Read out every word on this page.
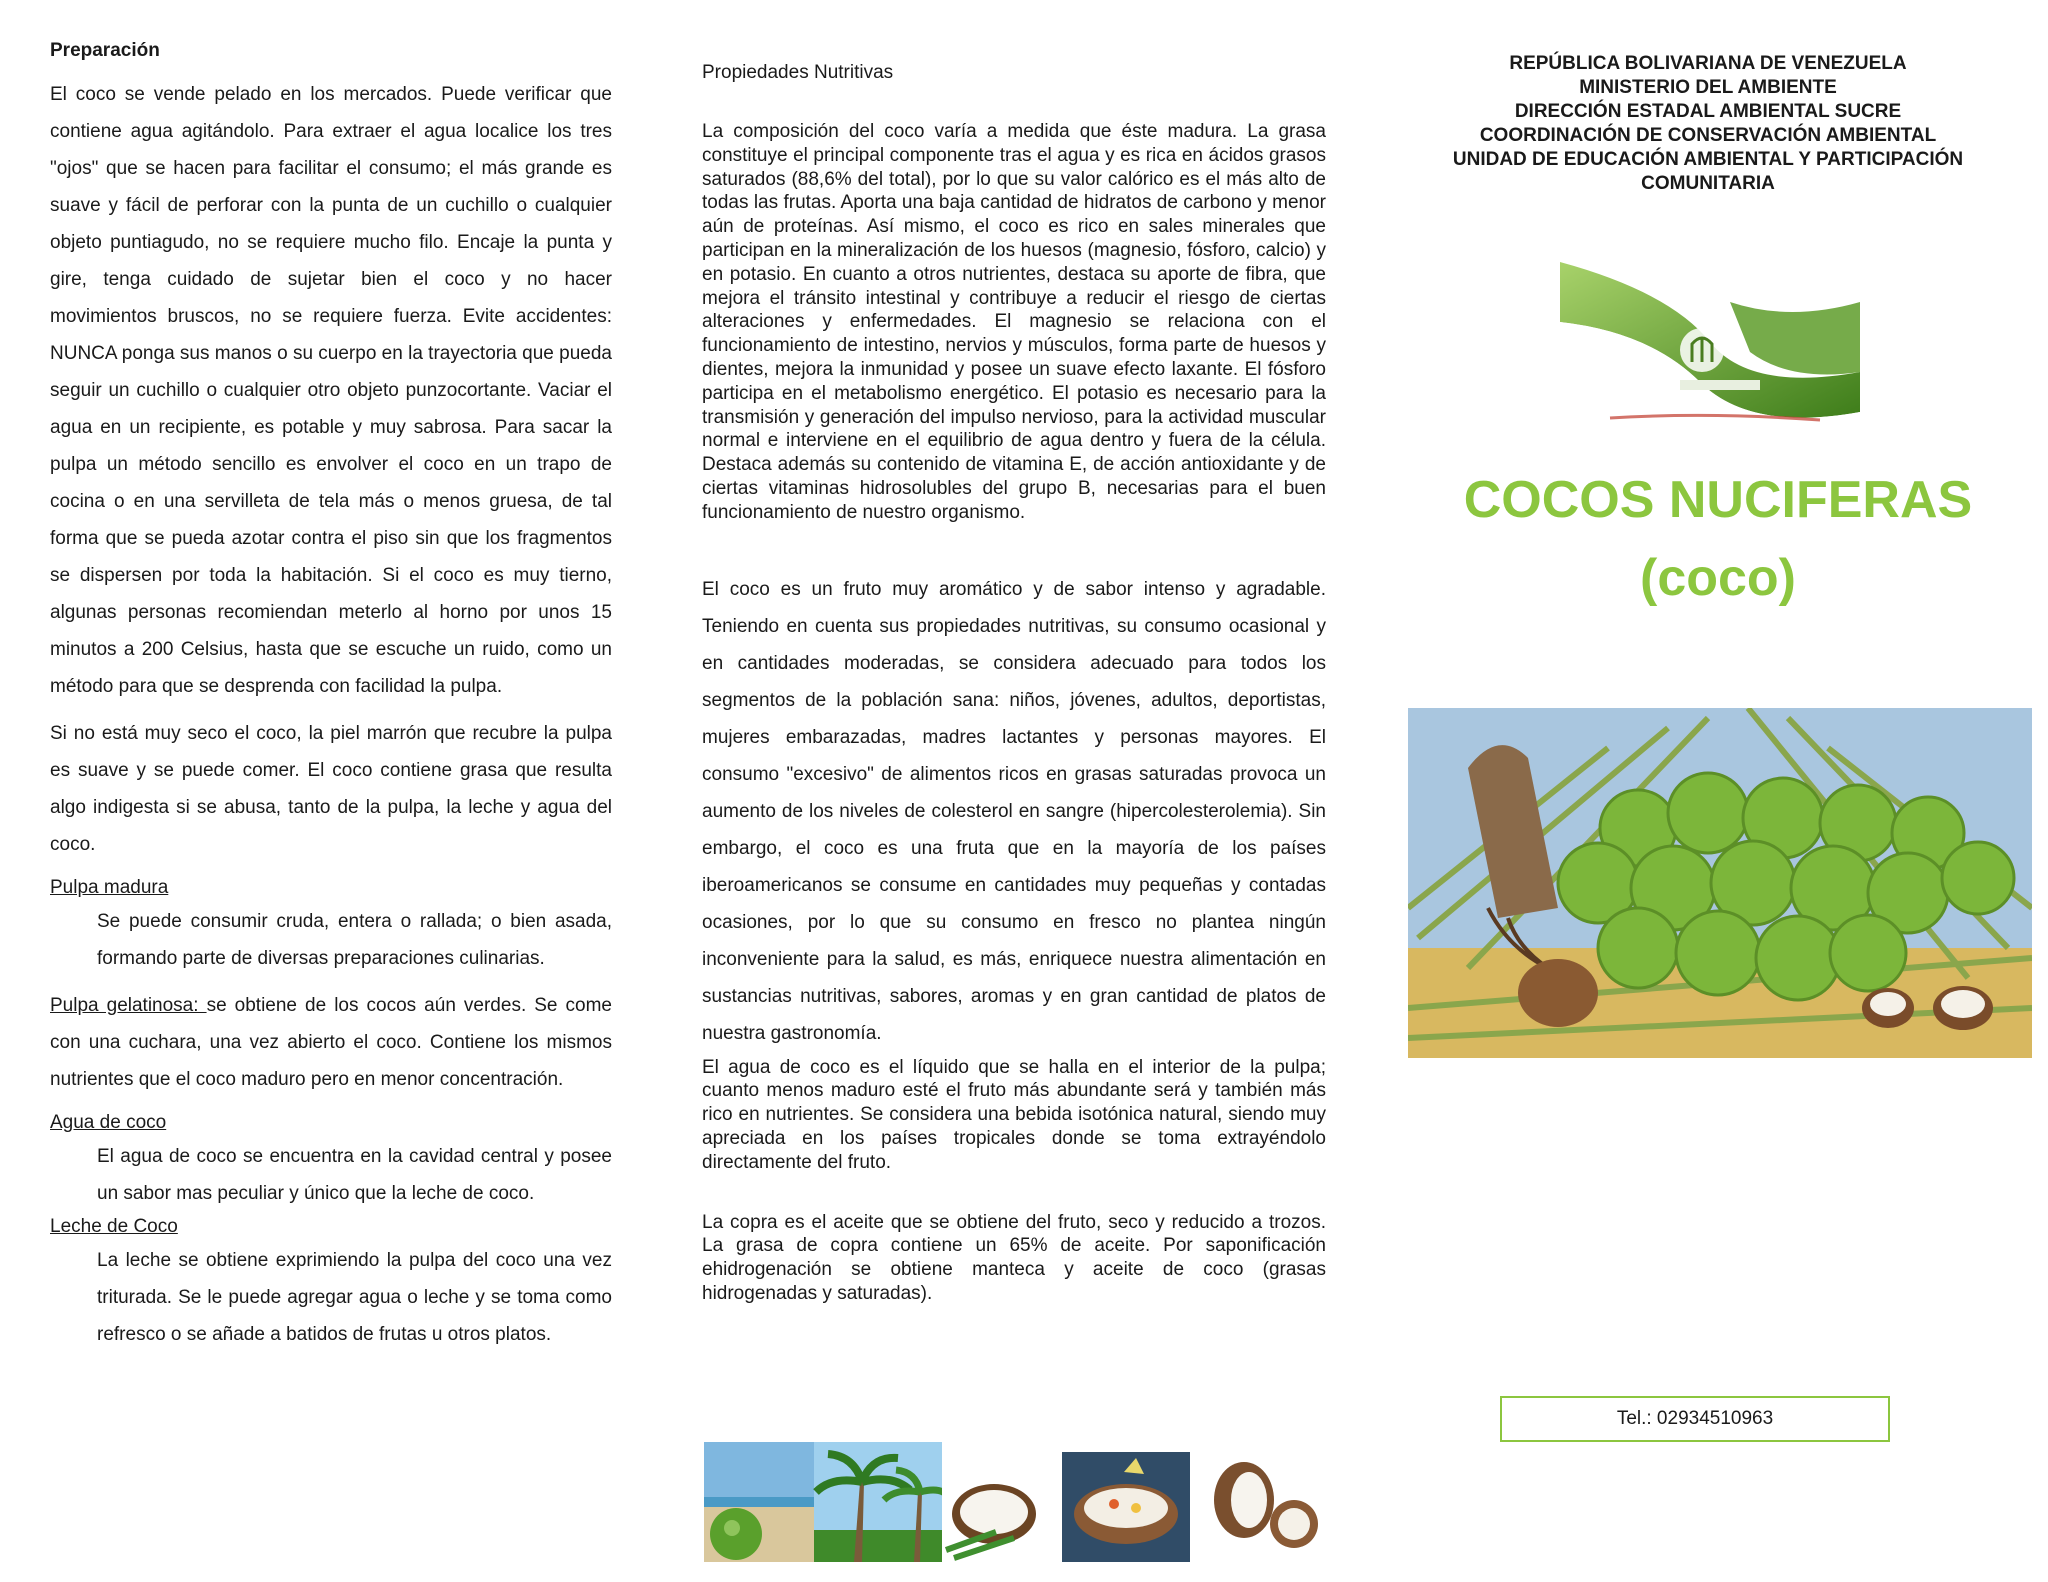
Preparación

El coco se vende pelado en los mercados. Puede verificar que contiene agua agitándolo. Para extraer el agua localice los tres "ojos" que se hacen para facilitar el consumo; el más grande es suave y fácil de perforar con la punta de un cuchillo o cualquier objeto puntiagudo, no se requiere mucho filo. Encaje la punta y gire, tenga cuidado de sujetar bien el coco y no hacer movimientos bruscos, no se requiere fuerza. Evite accidentes: NUNCA ponga sus manos o su cuerpo en la trayectoria que pueda seguir un cuchillo o cualquier otro objeto punzocortante. Vaciar el agua en un recipiente, es potable y muy sabrosa. Para sacar la pulpa un método sencillo es envolver el coco en un trapo de cocina o en una servilleta de tela más o menos gruesa, de tal forma que se pueda azotar contra el piso sin que los fragmentos se dispersen por toda la habitación. Si el coco es muy tierno, algunas personas recomiendan meterlo al horno por unos 15 minutos a 200 Celsius, hasta que se escuche un ruido, como un método para que se desprenda con facilidad la pulpa.

Si no está muy seco el coco, la piel marrón que recubre la pulpa es suave y se puede comer. El coco contiene grasa que resulta algo indigesta si se abusa, tanto de la pulpa, la leche y agua del coco.

Pulpa madura

Se puede consumir cruda, entera o rallada; o bien asada, formando parte de diversas preparaciones culinarias.

Pulpa gelatinosa: se obtiene de los cocos aún verdes. Se come con una cuchara, una vez abierto el coco. Contiene los mismos nutrientes que el coco maduro pero en menor concentración.

Agua de coco

El agua de coco se encuentra en la cavidad central y posee un sabor mas peculiar y único que la leche de coco.

Leche de Coco

La leche se obtiene exprimiendo la pulpa del coco una vez triturada. Se le puede agregar agua o leche y se toma como refresco o se añade a batidos de frutas u otros platos.

Propiedades Nutritivas

La composición del coco varía a medida que éste madura. La grasa constituye el principal componente tras el agua y es rica en ácidos grasos saturados (88,6% del total), por lo que su valor calórico es el más alto de todas las frutas. Aporta una baja cantidad de hidratos de carbono y menor aún de proteínas. Así mismo, el coco es rico en sales minerales que participan en la mineralización de los huesos (magnesio, fósforo, calcio) y en potasio. En cuanto a otros nutrientes, destaca su aporte de fibra, que mejora el tránsito intestinal y contribuye a reducir el riesgo de ciertas alteraciones y enfermedades. El magnesio se relaciona con el funcionamiento de intestino, nervios y músculos, forma parte de huesos y dientes, mejora la inmunidad y posee un suave efecto laxante. El fósforo participa en el metabolismo energético. El potasio es necesario para la transmisión y generación del impulso nervioso, para la actividad muscular normal e interviene en el equilibrio de agua dentro y fuera de la célula. Destaca además su contenido de vitamina E, de acción antioxidante y de ciertas vitaminas hidrosolubles del grupo B, necesarias para el buen funcionamiento de nuestro organismo.

El coco es un fruto muy aromático y de sabor intenso y agradable. Teniendo en cuenta sus propiedades nutritivas, su consumo ocasional y en cantidades moderadas, se considera adecuado para todos los segmentos de la población sana: niños, jóvenes, adultos, deportistas, mujeres embarazadas, madres lactantes y personas mayores. El consumo "excesivo" de alimentos ricos en grasas saturadas provoca un aumento de los niveles de colesterol en sangre (hipercolesterolemia). Sin embargo, el coco es una fruta que en la mayoría de los países iberoamericanos se consume en cantidades muy pequeñas y contadas ocasiones, por lo que su consumo en fresco no plantea ningún inconveniente para la salud, es más, enriquece nuestra alimentación en sustancias nutritivas, sabores, aromas y en gran cantidad de platos de nuestra gastronomía.

El agua de coco es el líquido que se halla en el interior de la pulpa; cuanto menos maduro esté el fruto más abundante será y también más rico en nutrientes. Se considera una bebida isotónica natural, siendo muy apreciada en los países tropicales donde se toma extrayéndolo directamente del fruto.

La copra es el aceite que se obtiene del fruto, seco y reducido a trozos. La grasa de copra contiene un 65% de aceite. Por saponificación ehidrogenación se obtiene manteca y aceite de coco (grasas hidrogenadas y saturadas).

REPÚBLICA BOLIVARIANA DE VENEZUELA
MINISTERIO DEL AMBIENTE
DIRECCIÓN ESTADAL AMBIENTAL SUCRE
COORDINACIÓN DE CONSERVACIÓN AMBIENTAL
UNIDAD DE EDUCACIÓN AMBIENTAL Y PARTICIPACIÓN
COMUNITARIA
COCOS NUCIFERAS
(coco)
Tel.: 02934510963
